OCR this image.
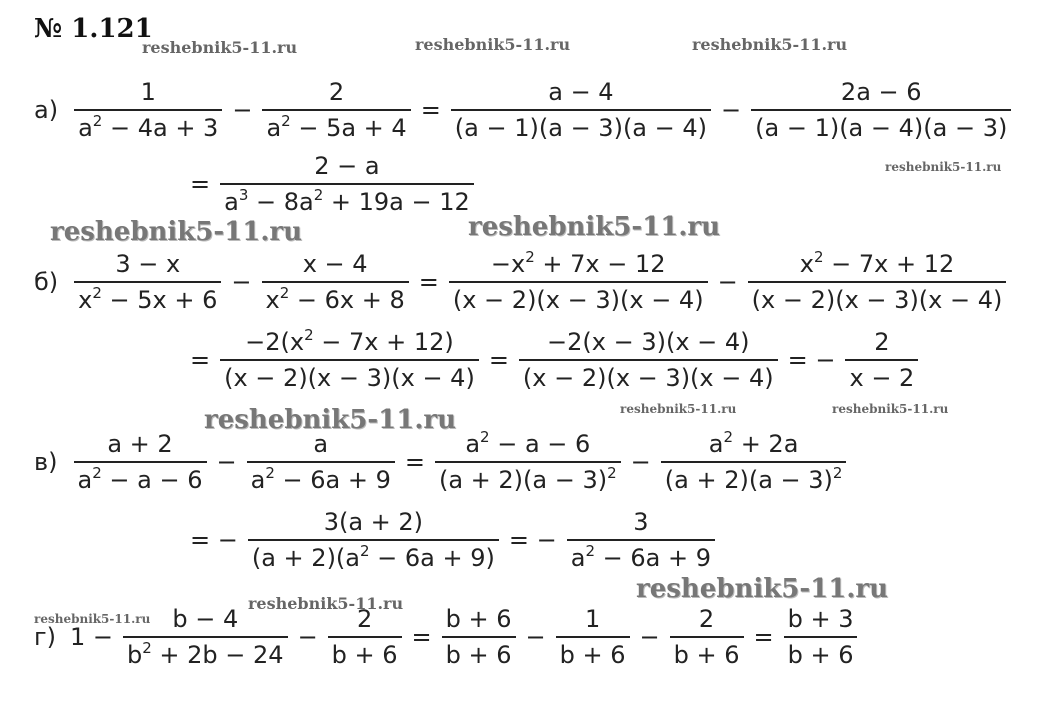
№ 1.121
reshebnik5-11.ru	reshebnik5-11.ru	reshebnik5-11.ru
reshebnik5-11.ru
reshebnik5-11.ru	reshebnik5-11.ru
reshebnik5-11.ru	reshebnik5-11.ru
reshebnik5-11.ru
reshebnik5-11.ru
reshebnik5-11.ru
reshebnik5-11.ru
$а) \frac{1}{a^2 - 4a + 3} - \frac{2}{a^2 - 5a + 4} = \frac{a - 4}{(a - 1)(a - 3)(a - 4)} - \frac{2a - 6}{(a - 1)(a - 4)(a - 3)}$
= $\frac{2 - a}{a^3 - 8a^2 + 19a - 12}$
$б) \frac{3 - x}{x^2 - 5x + 6} - \frac{x - 4}{x^2 - 6x + 8} = \frac{-x^2 + 7x - 12}{(x - 2)(x - 3)(x - 4)} - \frac{x^2 - 7x + 12}{(x - 2)(x - 3)(x - 4)}$
= $\frac{-2(x^2 - 7x + 12)}{(x - 2)(x - 3)(x - 4)} = \frac{-2(x - 3)(x - 4)}{(x - 2)(x - 3)(x - 4)}$ = − $\frac{2}{x - 2}$
$в) \frac{a + 2}{a^2 - a - 6} - \frac{a}{a^2 - 6a + 9} = \frac{a^2 - a - 6}{(a + 2)(a - 3)^2} - \frac{a^2 + 2a}{(a + 2)(a - 3)^2}$
= − $\frac{3(a + 2)}{(a + 2)(a^2 - 6a + 9)}$ = − $\frac{3}{a^2 - 6a + 9}$
г) $1 - \frac{b - 4}{b^2 + 2b - 24} - \frac{2}{b + 6} = \frac{b + 6}{b + 6} - \frac{1}{b + 6} - \frac{2}{b + 6} = \frac{b + 3}{b + 6}$
